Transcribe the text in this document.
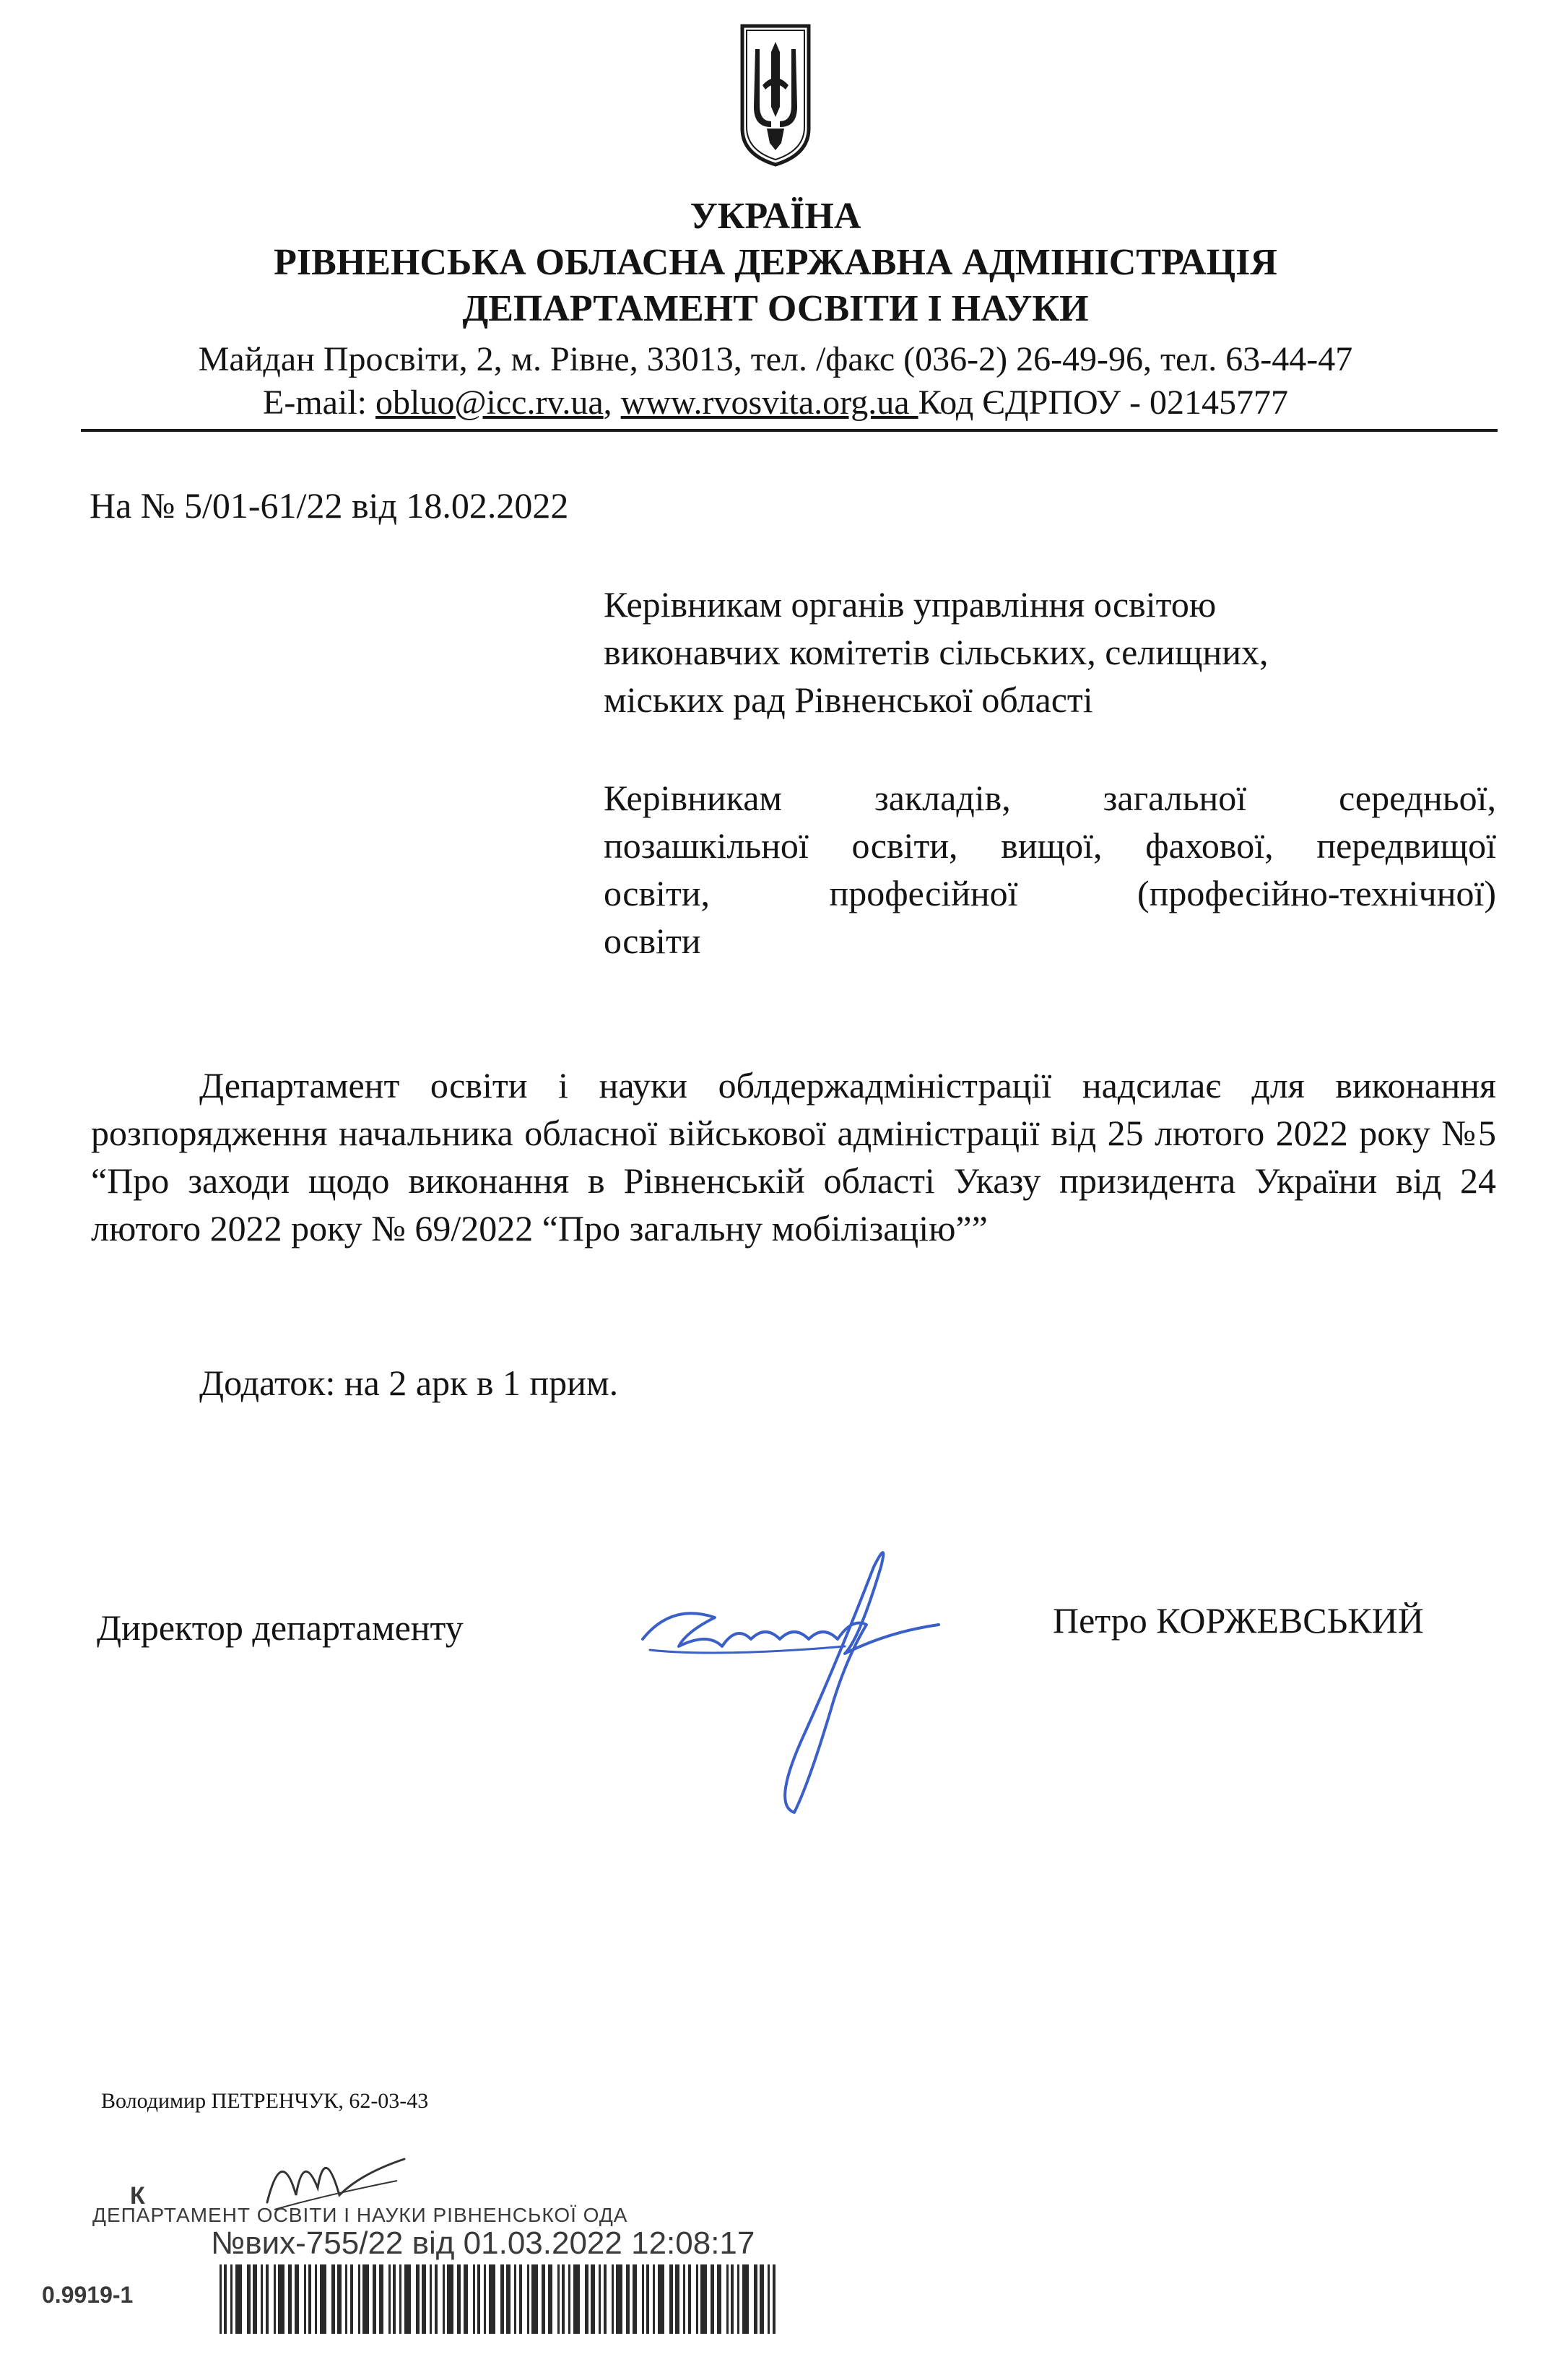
УКРАЇНА
РІВНЕНСЬКА ОБЛАСНА ДЕРЖАВНА АДМІНІСТРАЦІЯ
ДЕПАРТАМЕНТ ОСВІТИ І НАУКИ
Майдан Просвіти, 2, м. Рівне, 33013, тел. /факс (036-2) 26-49-96, тел. 63-44-47
E-mail: obluo@icc.rv.ua, www.rvosvita.org.ua Код ЄДРПОУ - 02145777
На № 5/01-61/22 від 18.02.2022

Керівникам органів управління освітою

виконавчих комітетів сільських, селищних,

міських рад Рівненської області

Керівникам закладів, загальної середньої,

позашкільної освіти, вищої, фахової, передвищої

освіти, професійної (професійно-технічної)

освіти

Департамент освіти і науки облдержадміністрації надсилає для виконання розпорядження начальника обласної військової адміністрації від 25 лютого 2022 року №5 “Про заходи щодо виконання в Рівненській області Указу призидента України від 24 лютого 2022 року № 69/2022 “Про загальну мобілізацію””

Додаток: на 2 арк в 1 прим.

Директор департаменту	Петро КОРЖЕВСЬКИЙ
Володимир ПЕТРЕНЧУК, 62-03-43
К
ДЕПАРТАМЕНТ ОСВІТИ І НАУКИ РІВНЕНСЬКОЇ ОДА
№вих-755/22 від 01.03.2022 12:08:17
0.9919-1
